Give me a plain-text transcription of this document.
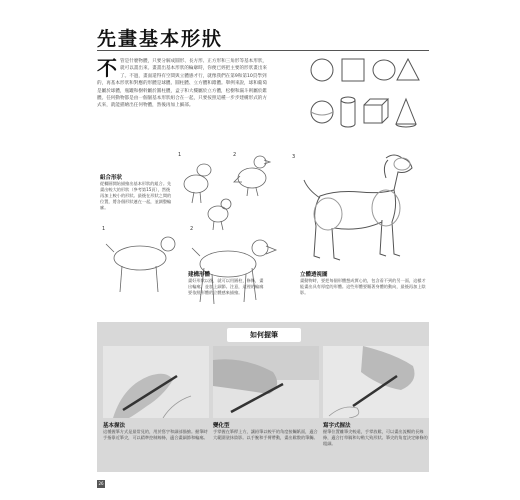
先畫基本形狀
不 管是什麼物體，只要分解成圓形、長方形、正方形和三角形等基本形狀，就可以畫出來。畫畫出基本形狀的輪廓時，你便已經把主要的形狀畫出來了。不過，畫面還得有空間與立體感才行，就像我們在第9和第10頁學到的，再基本形狀和對應的形體是球體、圓柱體、立方體和錐體。舉例來說，球和葡萄是屬於球體，瓶罐和樹幹屬於圓柱體，盒子和大樓屬於立方體，松樹和漏斗則屬於錐體。任何動物都是由一個個基本形狀組合在一起，只要按照這種一步步建構形式的方式來，就能描繪出任何物體，然後再加上細部。
1	2	3
1	2
組合形狀
從橢圓開始描繪出基本形狀的組合。先畫出較大的形狀（參考第15頁），然後再加上較小的形狀。最後在形狀之間的位置，將各個形狀連在一起，並調整輪廓。
建構形體
畫好形狀以後，就可以用圓柱，修飾，畫出輪廓，並加上細節。注意，這裡的輪廓要依照形體的立體感來描繪。
立體透視圖
畫動物時，要把每個形體想成實心的，包含看不到的另一面，這樣才能畫出具有厚度的形體。這些形體要順著身體的動向，最後再加上陰影。
如何握筆
基本握法
這種握筆方式是最常見的，用於寫字和細部描繪。握筆時手指靠近筆尖，可以精準控制線條，適合畫細節和輪廓。
變化型
手掌握在筆桿上方，讓鉛筆以較平的角度接觸紙面，適合大範圍塗抹陰影。以手腕和手臂帶動，畫出鬆散的筆觸。
寫字式握法
握筆位置離筆尖較遠，手掌放鬆，可以畫出流暢的長線條，適合打草稿和勾勒大致形狀。筆尖的角度決定線條的粗細。
26
